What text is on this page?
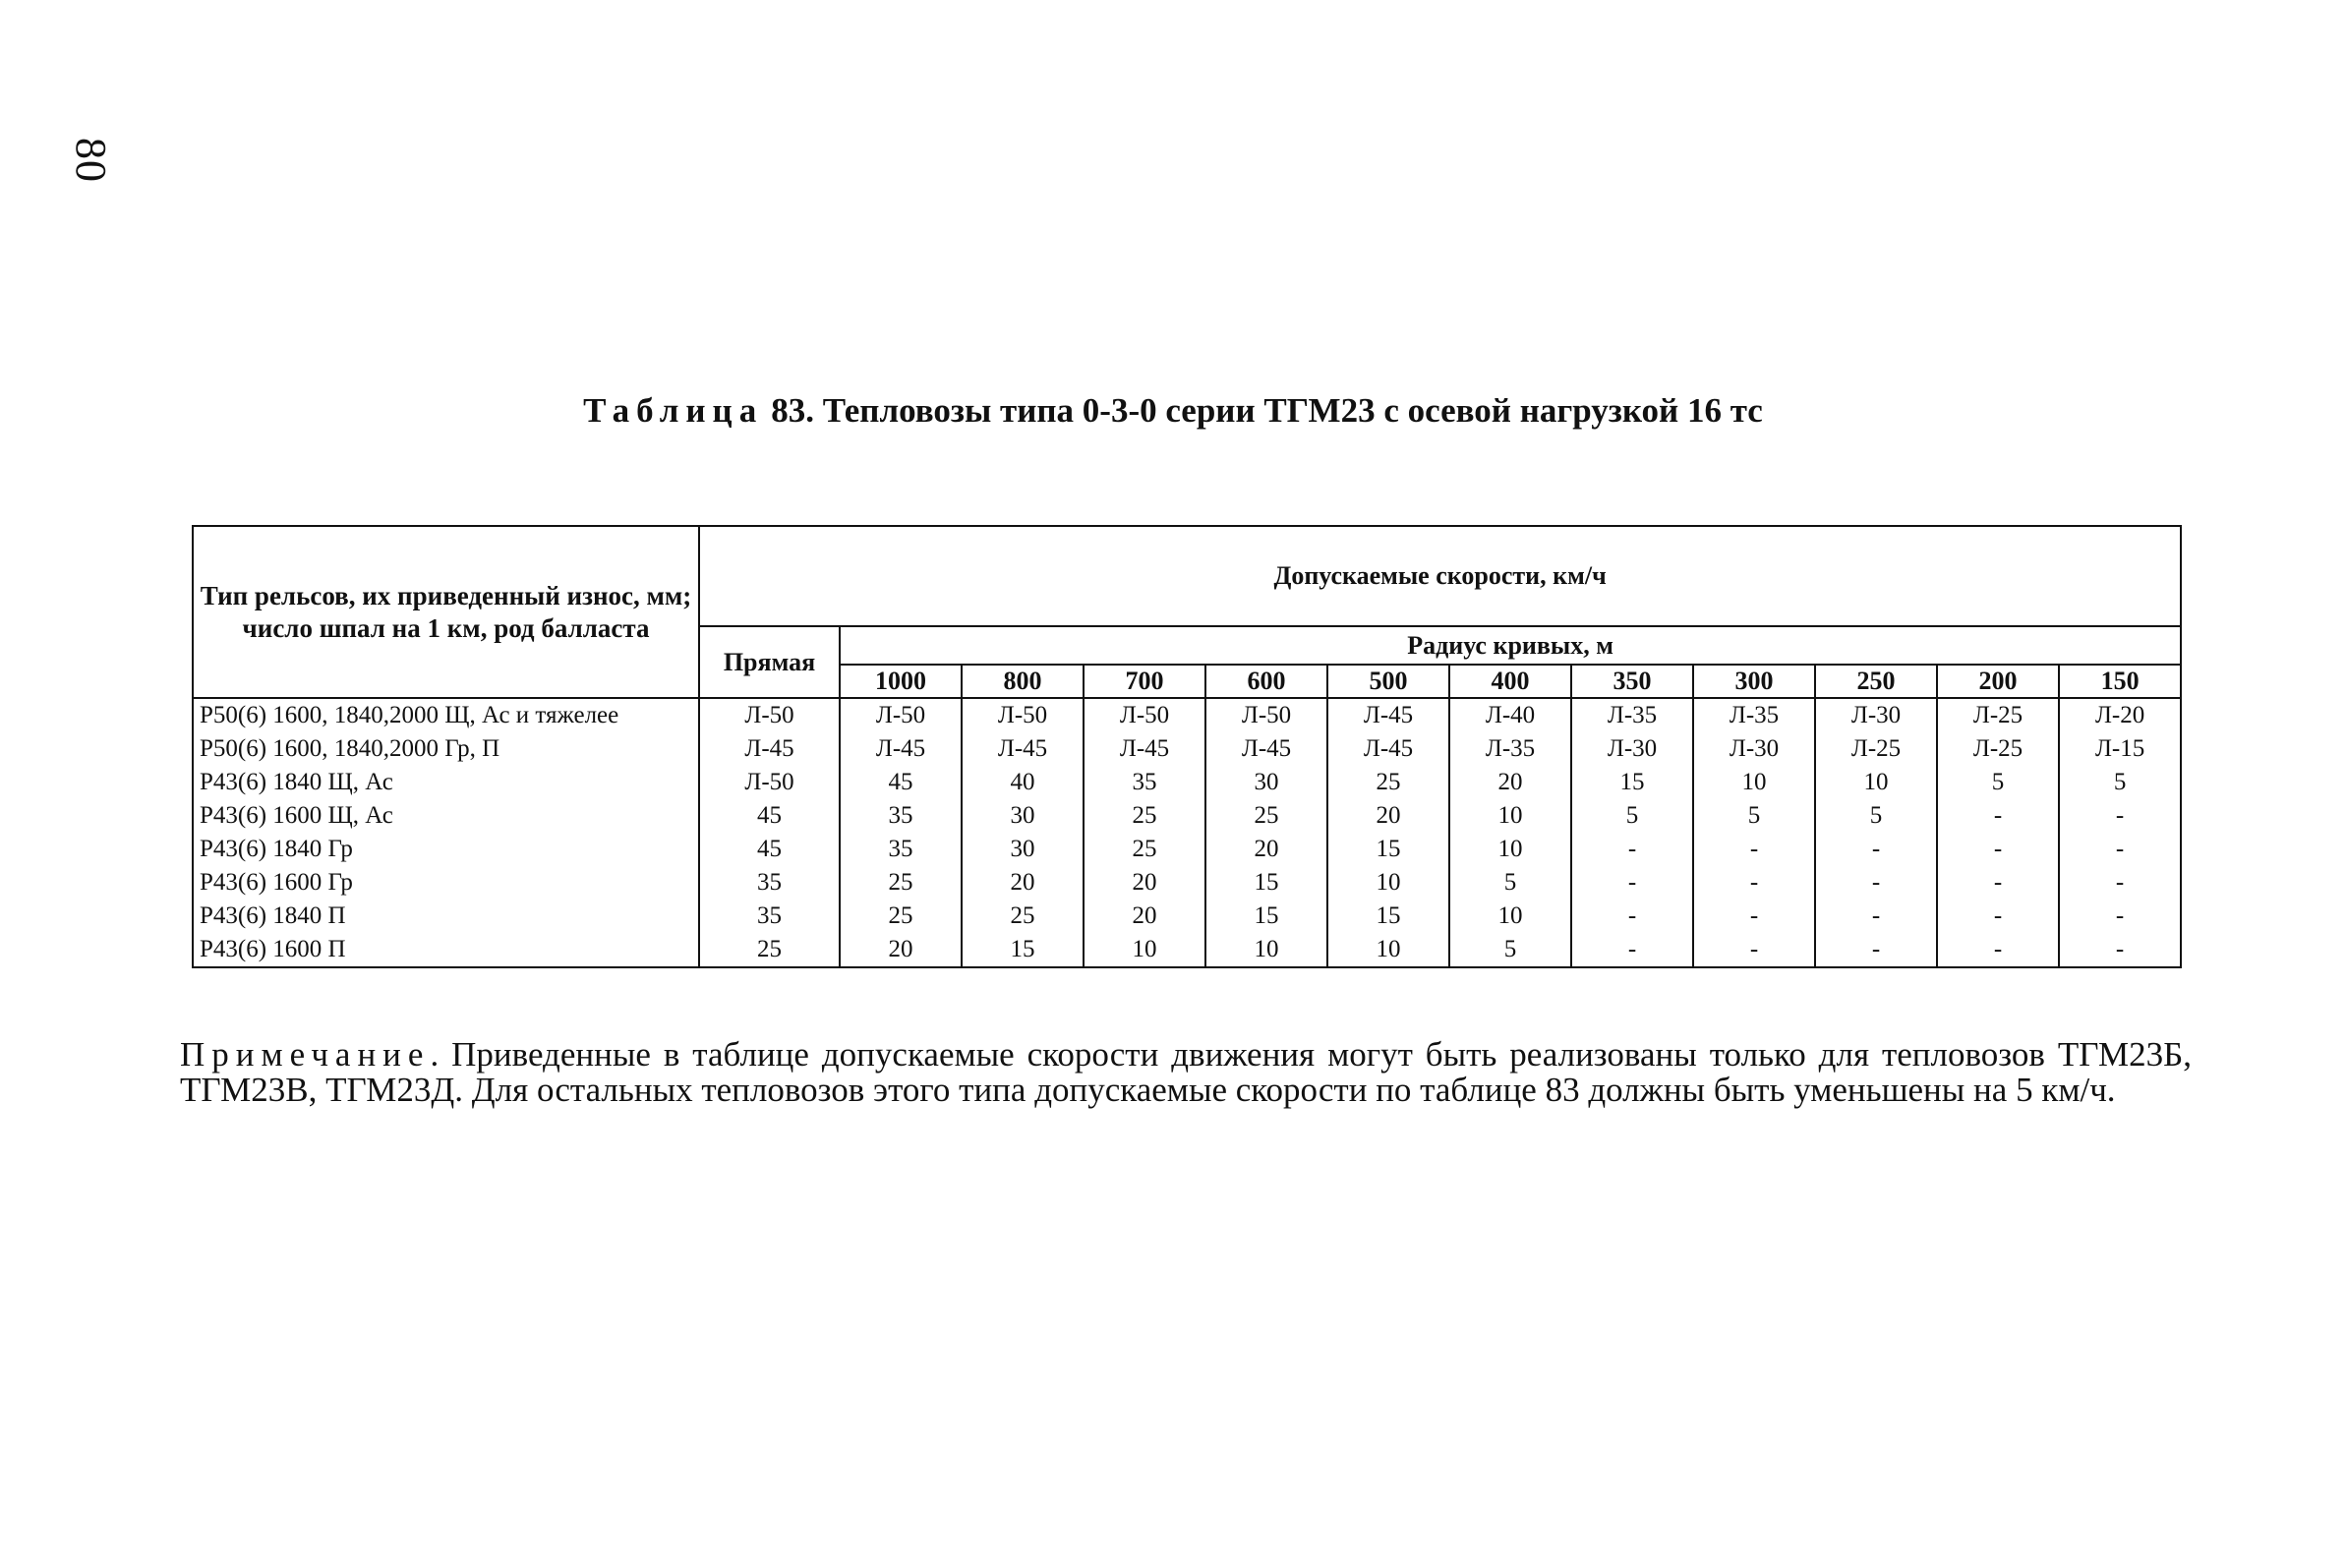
80
Таблица 83. Тепловозы типа 0-3-0 серии ТГМ23 с осевой нагрузкой 16 тс
Тип рельсов, их приведенный износ, мм; число шпал на 1 км, род балласта	Допускаемые скорости, км/ч											
	Прямая	Радиус кривых, м										
		1000	800	700	600	500	400	350	300	250	200	150
Р50(6) 1600, 1840,2000 Щ, Ас и тяжелее	Л-50	Л-50	Л-50	Л-50	Л-50	Л-45	Л-40	Л-35	Л-35	Л-30	Л-25	Л-20
Р50(6) 1600, 1840,2000 Гр, П	Л-45	Л-45	Л-45	Л-45	Л-45	Л-45	Л-35	Л-30	Л-30	Л-25	Л-25	Л-15
Р43(6) 1840 Щ, Ас	Л-50	45	40	35	30	25	20	15	10	10	5	5
Р43(6) 1600 Щ, Ас	45	35	30	25	25	20	10	5	5	5	-	-
Р43(6) 1840 Гр	45	35	30	25	20	15	10	-	-	-	-	-
Р43(6) 1600 Гр	35	25	20	20	15	10	5	-	-	-	-	-
Р43(6) 1840 П	35	25	25	20	15	15	10	-	-	-	-	-
Р43(6) 1600 П	25	20	15	10	10	10	5	-	-	-	-	-
Примечание. Приведенные в таблице допускаемые скорости движения могут быть реализованы только для тепловозов ТГМ23Б, ТГМ23В, ТГМ23Д. Для остальных тепловозов этого типа допускаемые скорости по таблице 83 должны быть уменьшены на 5 км/ч.
